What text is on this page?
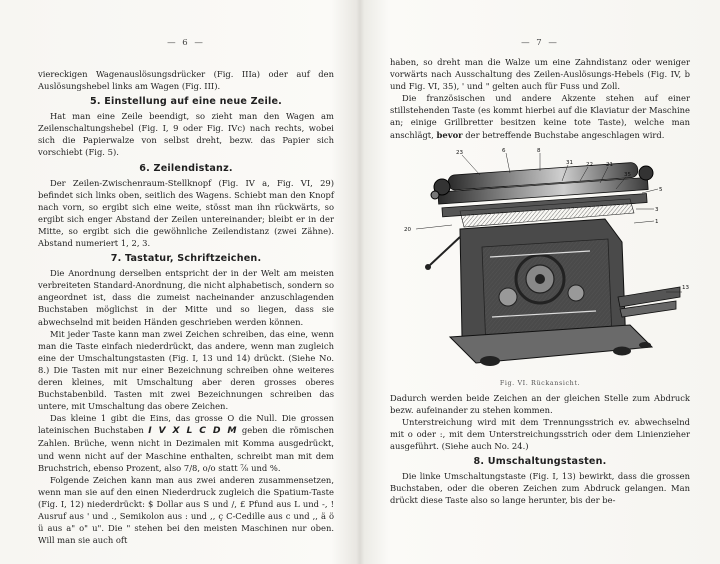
— 6 —

viereckigen Wagenauslösungsdrücker (Fig. IIIa) oder auf den Auslösungshebel links am Wagen (Fig. III).

5. Einstellung auf eine neue Zeile.

Hat man eine Zeile beendigt, so zieht man den Wagen am Zeilenschaltungshebel (Fig. I, 9 oder Fig. IVc) nach rechts, wobei sich die Papierwalze von selbst dreht, bezw. das Papier sich vorschiebt (Fig. 5).

6. Zeilendistanz.

Der Zeilen-Zwischenraum-Stellknopf (Fig. IV a, Fig. VI, 29) befindet sich links oben, seitlich des Wagens. Schiebt man den Knopf nach vorn, so ergibt sich eine weite, stösst man ihn rückwärts, so ergibt sich enger Abstand der Zeilen untereinander; bleibt er in der Mitte, so ergibt sich die gewöhnliche Zeilendistanz (zwei Zähne). Abstand numeriert 1, 2, 3.

7. Tastatur, Schriftzeichen.

Die Anordnung derselben entspricht der in der Welt am meisten verbreiteten Standard-Anordnung, die nicht alphabetisch, sondern so angeordnet ist, dass die zumeist nacheinander anzuschlagenden Buchstaben möglichst in der Mitte und so liegen, dass sie abwechselnd mit beiden Händen geschrieben werden können.

Mit jeder Taste kann man zwei Zeichen schreiben, das eine, wenn man die Taste einfach niederdrückt, das andere, wenn man zugleich eine der Umschaltungstasten (Fig. I, 13 und 14) drückt. (Siehe No. 8.) Die Tasten mit nur einer Bezeichnung schreiben ohne weiteres deren kleines, mit Umschaltung aber deren grosses oberes Buchstabenbild. Tasten mit zwei Bezeichnungen schreiben das untere, mit Umschaltung das obere Zeichen.

Das kleine 1 gibt die Eins, das grosse O die Null. Die grossen lateinischen Buchstaben I V X L C D M geben die römischen Zahlen. Brüche, wenn nicht in Dezimalen mit Komma ausgedrückt, und wenn nicht auf der Maschine enthalten, schreibt man mit dem Bruchstrich, ebenso Prozent, also 7/8, o/o statt ⅞ und %.

Folgende Zeichen kann man aus zwei anderen zusammensetzen, wenn man sie auf den einen Niederdruck zugleich die Spatium-Taste (Fig. I, 12) niederdrückt: $ Dollar aus S und /, £ Pfund aus L und -, ! Ausruf aus ' und ., Semikolon aus : und ,, ç C-Cedille aus c und ,, ä ö ü aus a" o" u". Die " stehen bei den meisten Maschinen nur oben. Will man sie auch oft

— 7 —

haben, so dreht man die Walze um eine Zahndistanz oder weniger vorwärts nach Ausschaltung des Zeilen-Auslösungs-Hebels (Fig. IV, b und Fig. VI, 35), ' und " gelten auch für Fuss und Zoll.

Die französischen und andere Akzente stehen auf einer stillstehenden Taste (es kommt hierbei auf die Klaviatur der Maschine an; einige Grillbretter besitzen keine tote Taste), welche man anschlägt, bevor der betreffende Buchstabe angeschlagen wird.

23	6	8
31 22 21
35
5
3
1
20
13
Fig. VI. Rückansicht.

Dadurch werden beide Zeichen an der gleichen Stelle zum Abdruck bezw. aufeinander zu stehen kommen.

Unterstreichung wird mit dem Trennungsstrich ev. abwechselnd mit o oder :, mit dem Unterstreichungsstrich oder dem Linienzieher ausgeführt. (Siehe auch No. 24.)

8. Umschaltungstasten.

Die linke Umschaltungstaste (Fig. I, 13) bewirkt, dass die grossen Buchstaben, oder die oberen Zeichen zum Abdruck gelangen. Man drückt diese Taste also so lange herunter, bis der be-
